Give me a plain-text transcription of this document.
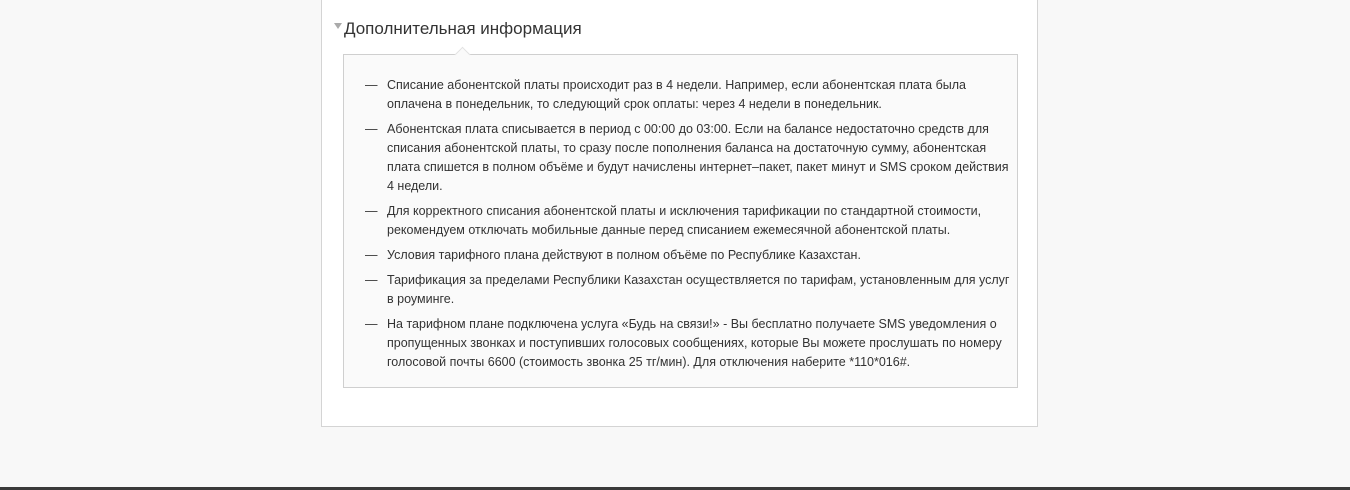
Дополнительная информация
— Списание абонентской платы происходит раз в 4 недели. Например, если абонентская плата была оплачена в понедельник, то следующий срок оплаты: через 4 недели в понедельник.
— Абонентская плата списывается в период с 00:00 до 03:00. Если на балансе недостаточно средств для списания абонентской платы, то сразу после пополнения баланса на достаточную сумму, абонентская плата спишется в полном объёме и будут начислены интернет–пакет, пакет минут и SMS сроком действия 4 недели.
— Для корректного списания абонентской платы и исключения тарификации по стандартной стоимости, рекомендуем отключать мобильные данные перед списанием ежемесячной абонентской платы.
— Условия тарифного плана действуют в полном объёме по Республике Казахстан.
— Тарификация за пределами Республики Казахстан осуществляется по тарифам, установленным для услуг в роуминге.
— На тарифном плане подключена услуга «Будь на связи!» - Вы бесплатно получаете SMS уведомления о пропущенных звонках и поступивших голосовых сообщениях, которые Вы можете прослушать по номеру голосовой почты 6600 (стоимость звонка 25 тг/мин). Для отключения наберите *110*016#.
